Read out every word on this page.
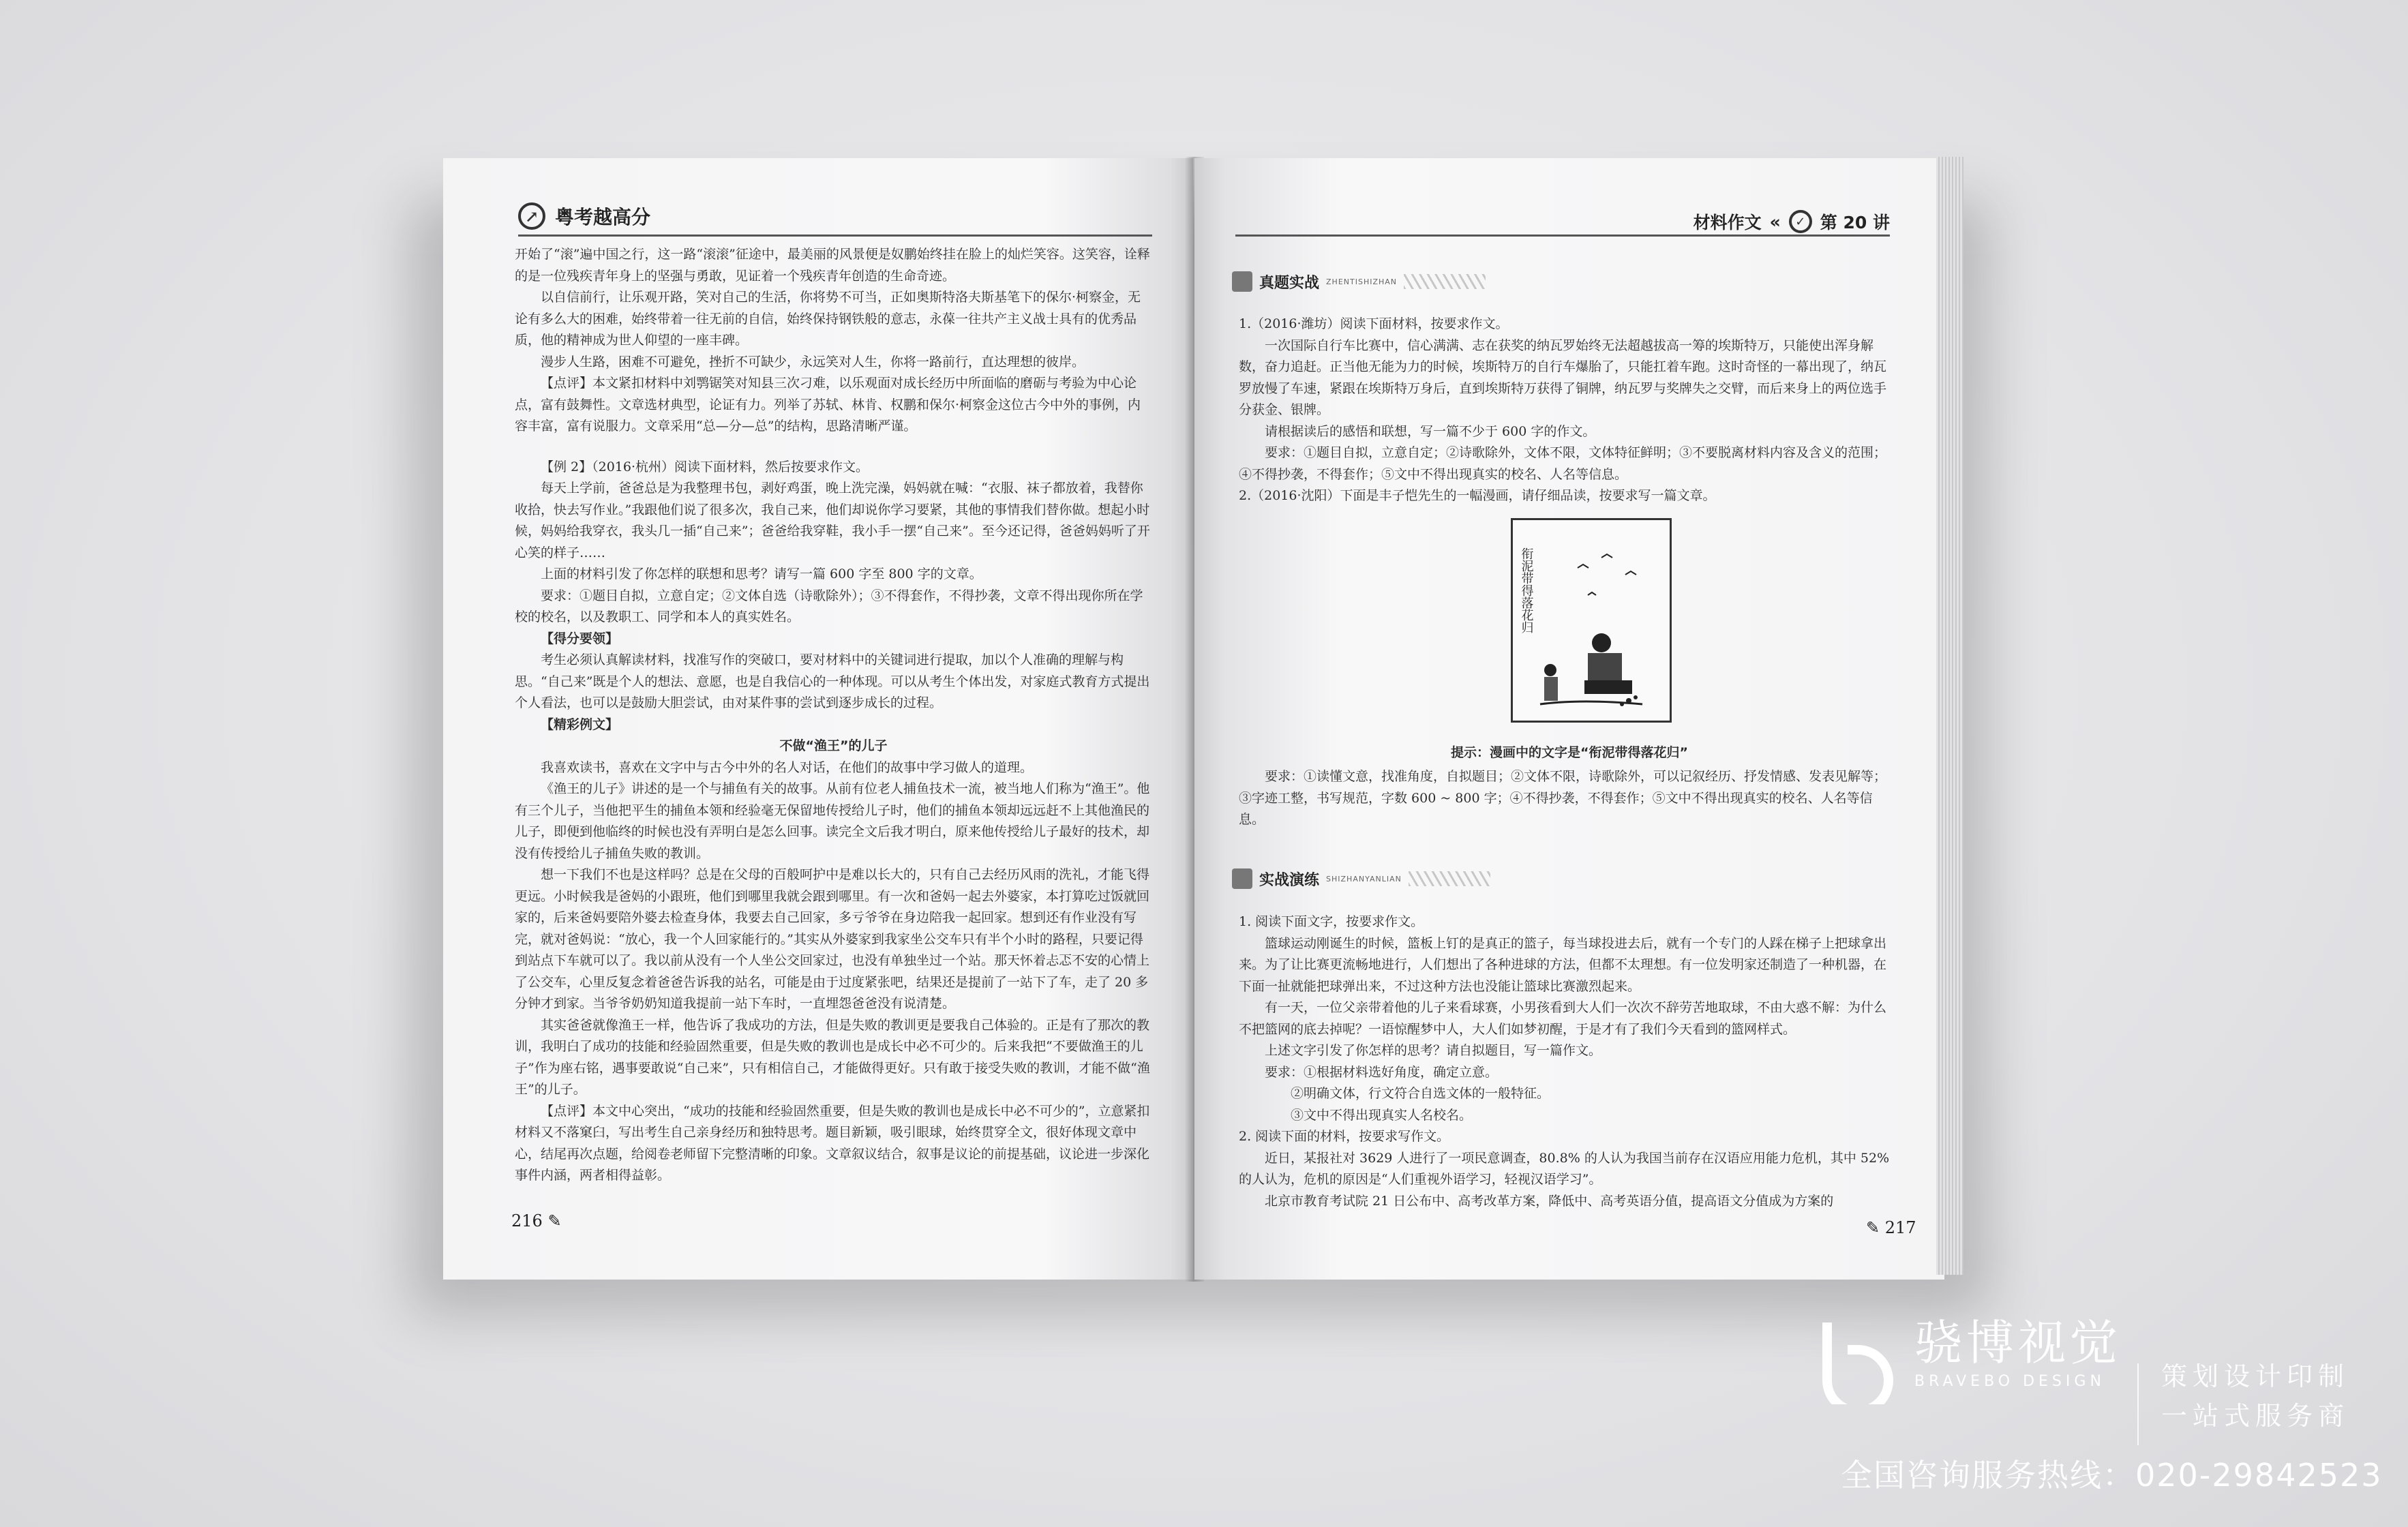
↗ 粤考越高分

开始了“滚”遍中国之行，这一路“滚滚”征途中，最美丽的风景便是奴鹏始终挂在脸上的灿烂笑容。这笑容，诠释的是一位残疾青年身上的坚强与勇敢，见证着一个残疾青年创造的生命奇迹。

以自信前行，让乐观开路，笑对自己的生活，你将势不可当，正如奥斯特洛夫斯基笔下的保尔·柯察金，无论有多么大的困难，始终带着一往无前的自信，始终保持钢铁般的意志，永葆一往共产主义战士具有的优秀品质，他的精神成为世人仰望的一座丰碑。

漫步人生路，困难不可避免，挫折不可缺少，永远笑对人生，你将一路前行，直达理想的彼岸。

【点评】本文紧扣材料中刘鹗锯笑对知县三次刁难，以乐观面对成长经历中所面临的磨砺与考验为中心论点，富有鼓舞性。文章选材典型，论证有力。列举了苏轼、林肯、权鹏和保尔·柯察金这位古今中外的事例，内容丰富，富有说服力。文章采用“总—分—总”的结构，思路清晰严谨。

【例 2】（2016·杭州）阅读下面材料，然后按要求作文。

每天上学前，爸爸总是为我整理书包，剥好鸡蛋，晚上洗完澡，妈妈就在喊：“衣服、袜子都放着，我替你收拾，快去写作业。”我跟他们说了很多次，我自己来，他们却说你学习要紧，其他的事情我们替你做。想起小时候，妈妈给我穿衣，我头几一插“自己来”；爸爸给我穿鞋，我小手一摆“自己来”。至今还记得，爸爸妈妈听了开心笑的样子……

上面的材料引发了你怎样的联想和思考？请写一篇 600 字至 800 字的文章。

要求：①题目自拟，立意自定；②文体自选（诗歌除外）；③不得套作，不得抄袭，文章不得出现你所在学校的校名，以及教职工、同学和本人的真实姓名。

【得分要领】

考生必须认真解读材料，找准写作的突破口，要对材料中的关键词进行提取，加以个人准确的理解与构思。“自己来”既是个人的想法、意愿，也是自我信心的一种体现。可以从考生个体出发，对家庭式教育方式提出个人看法，也可以是鼓励大胆尝试，由对某件事的尝试到逐步成长的过程。

【精彩例文】

不做“渔王”的儿子

我喜欢读书，喜欢在文字中与古今中外的名人对话，在他们的故事中学习做人的道理。

《渔王的儿子》讲述的是一个与捕鱼有关的故事。从前有位老人捕鱼技术一流，被当地人们称为“渔王”。他有三个儿子，当他把平生的捕鱼本领和经验毫无保留地传授给儿子时，他们的捕鱼本领却远远赶不上其他渔民的儿子，即便到他临终的时候也没有弄明白是怎么回事。读完全文后我才明白，原来他传授给儿子最好的技术，却没有传授给儿子捕鱼失败的教训。

想一下我们不也是这样吗？总是在父母的百般呵护中是难以长大的，只有自己去经历风雨的洗礼，才能飞得更远。小时候我是爸妈的小跟班，他们到哪里我就会跟到哪里。有一次和爸妈一起去外婆家，本打算吃过饭就回家的，后来爸妈要陪外婆去检查身体，我要去自己回家，多亏爷爷在身边陪我一起回家。想到还有作业没有写完，就对爸妈说：“放心，我一个人回家能行的。”其实从外婆家到我家坐公交车只有半个小时的路程，只要记得到站点下车就可以了。我以前从没有一个人坐公交回家过，也没有单独坐过一个站。那天怀着忐忑不安的心情上了公交车，心里反复念着爸爸告诉我的站名，可能是由于过度紧张吧，结果还是提前了一站下了车，走了 20 多分钟才到家。当爷爷奶奶知道我提前一站下车时，一直埋怨爸爸没有说清楚。

其实爸爸就像渔王一样，他告诉了我成功的方法，但是失败的教训更是要我自己体验的。正是有了那次的教训，我明白了成功的技能和经验固然重要，但是失败的教训也是成长中必不可少的。后来我把“不要做渔王的儿子”作为座右铭，遇事要敢说“自己来”，只有相信自己，才能做得更好。只有敢于接受失败的教训，才能不做“渔王”的儿子。

【点评】本文中心突出，“成功的技能和经验固然重要，但是失败的教训也是成长中必不可少的”，立意紧扣材料又不落窠臼，写出考生自己亲身经历和独特思考。题目新颖，吸引眼球，始终贯穿全文，很好体现文章中心，结尾再次点题，给阅卷老师留下完整清晰的印象。文章叙议结合，叙事是议论的前提基础，议论进一步深化事件内涵，两者相得益彰。

216 ✎
材料作文 «	✓ 第 20 讲
真题实战 ZHENTISHIZHAN

1.（2016·潍坊）阅读下面材料，按要求作文。

一次国际自行车比赛中，信心满满、志在获奖的纳瓦罗始终无法超越拔高一筹的埃斯特万，只能使出浑身解数，奋力追赶。正当他无能为力的时候，埃斯特万的自行车爆胎了，只能扛着车跑。这时奇怪的一幕出现了，纳瓦罗放慢了车速，紧跟在埃斯特万身后，直到埃斯特万获得了铜牌，纳瓦罗与奖牌失之交臂，而后来身上的两位选手分获金、银牌。

请根据读后的感悟和联想，写一篇不少于 600 字的作文。

要求：①题目自拟，立意自定；②诗歌除外，文体不限，文体特征鲜明；③不要脱离材料内容及含义的范围；④不得抄袭，不得套作；⑤文中不得出现真实的校名、人名等信息。

2.（2016·沈阳）下面是丰子恺先生的一幅漫画，请仔细品读，按要求写一篇文章。

衔泥带得落花归
提示：漫画中的文字是“衔泥带得落花归”

要求：①读懂文意，找准角度，自拟题目；②文体不限，诗歌除外，可以记叙经历、抒发情感、发表见解等；③字迹工整，书写规范，字数 600 ~ 800 字；④不得抄袭，不得套作；⑤文中不得出现真实的校名、人名等信息。

实战演练 SHIZHANYANLIAN

1. 阅读下面文字，按要求作文。

篮球运动刚诞生的时候，篮板上钉的是真正的篮子，每当球投进去后，就有一个专门的人踩在梯子上把球拿出来。为了让比赛更流畅地进行，人们想出了各种进球的方法，但都不太理想。有一位发明家还制造了一种机器，在下面一扯就能把球弹出来，不过这种方法也没能让篮球比赛激烈起来。

有一天，一位父亲带着他的儿子来看球赛，小男孩看到大人们一次次不辞劳苦地取球，不由大惑不解：为什么不把篮网的底去掉呢？一语惊醒梦中人，大人们如梦初醒，于是才有了我们今天看到的篮网样式。

上述文字引发了你怎样的思考？请自拟题目，写一篇作文。

要求：①根据材料选好角度，确定立意。

②明确文体，行文符合自选文体的一般特征。

③文中不得出现真实人名校名。

2. 阅读下面的材料，按要求写作文。

近日，某报社对 3629 人进行了一项民意调查，80.8% 的人认为我国当前存在汉语应用能力危机，其中 52% 的人认为，危机的原因是“人们重视外语学习，轻视汉语学习”。

北京市教育考试院 21 日公布中、高考改革方案，降低中、高考英语分值，提高语文分值成为方案的

✎ 217
骁博视觉
BRAVEBO DESIGN	策划设计印制
一站式服务商
全国咨询服务热线：020-29842523
